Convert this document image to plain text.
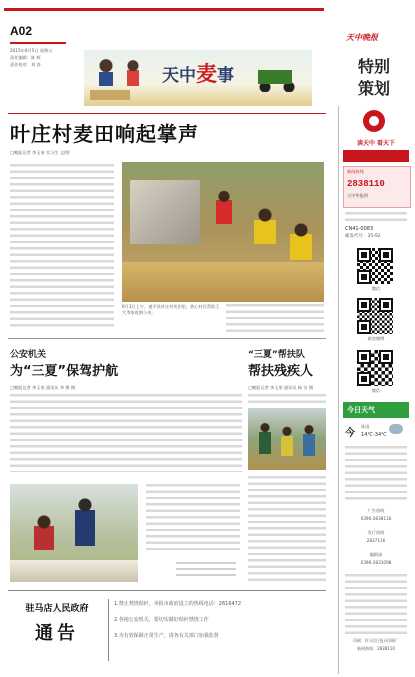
A02
2015年6月5日 星期五
责任编辑：陈 辉
责任校对：刘 涛
天中麦事
天中晚报
特别
策划
叶庄村麦田响起掌声
□晚报记者 李玉奎 实习生 文/图
6月3日上午，遂平县叶庄村麦田里，热心村民帮助王大爷家收割小麦。
公安机关
为“三夏”保驾护航
□晚报记者 李玉奎 通讯员 李 赛 摄
“三夏”帮扶队
帮扶残疾人
□晚报记者 李玉奎 通讯员 杨 洁 摄
驻马店人民政府
通告
1.禁止焚烧秸秆，举报市政府设立的热线电话：2616472
2.各地公安机关，要切实做好秸秆禁烧工作
3.为有效保障正常生产，请各有关部门加强监督
读天中 看天下
新闻热线
2838110
大中华报到
CN41-0083
邮发代号：35-92
微信
新浪微博
微信
今日天气
今
阵雨
14℃-34℃
广告热线
0396-2838116
发行热线
2837116
编辑部
0396-2831098
印刷：驻马店日报社印刷厂
新闻热线：2838110
